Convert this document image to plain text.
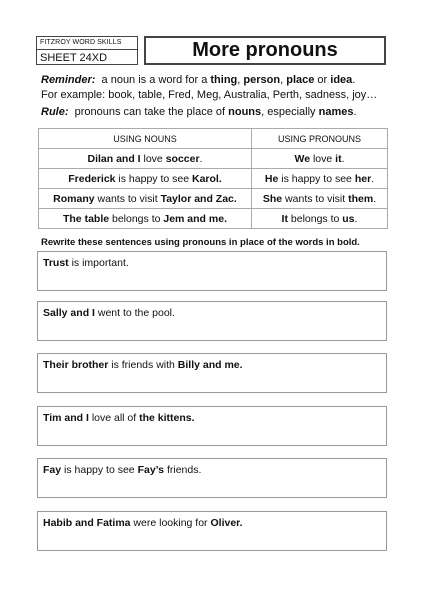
FITZROY WORD SKILLS
SHEET 24XD	More pronouns
Reminder: a noun is a word for a thing, person, place or idea.
For example: book, table, Fred, Meg, Australia, Perth, sadness, joy…
Rule: pronouns can take the place of nouns, especially names.
USING NOUNS	USING PRONOUNS
Dilan and I love soccer.	We love it.
Frederick is happy to see Karol.	He is happy to see her.
Romany wants to visit Taylor and Zac.	She wants to visit them.
The table belongs to Jem and me.	It belongs to us.
Rewrite these sentences using pronouns in place of the words in bold.
Trust is important.
Sally and I went to the pool.
Their brother is friends with Billy and me.
Tim and I love all of the kittens.
Fay is happy to see Fay’s friends.
Habib and Fatima were looking for Oliver.
